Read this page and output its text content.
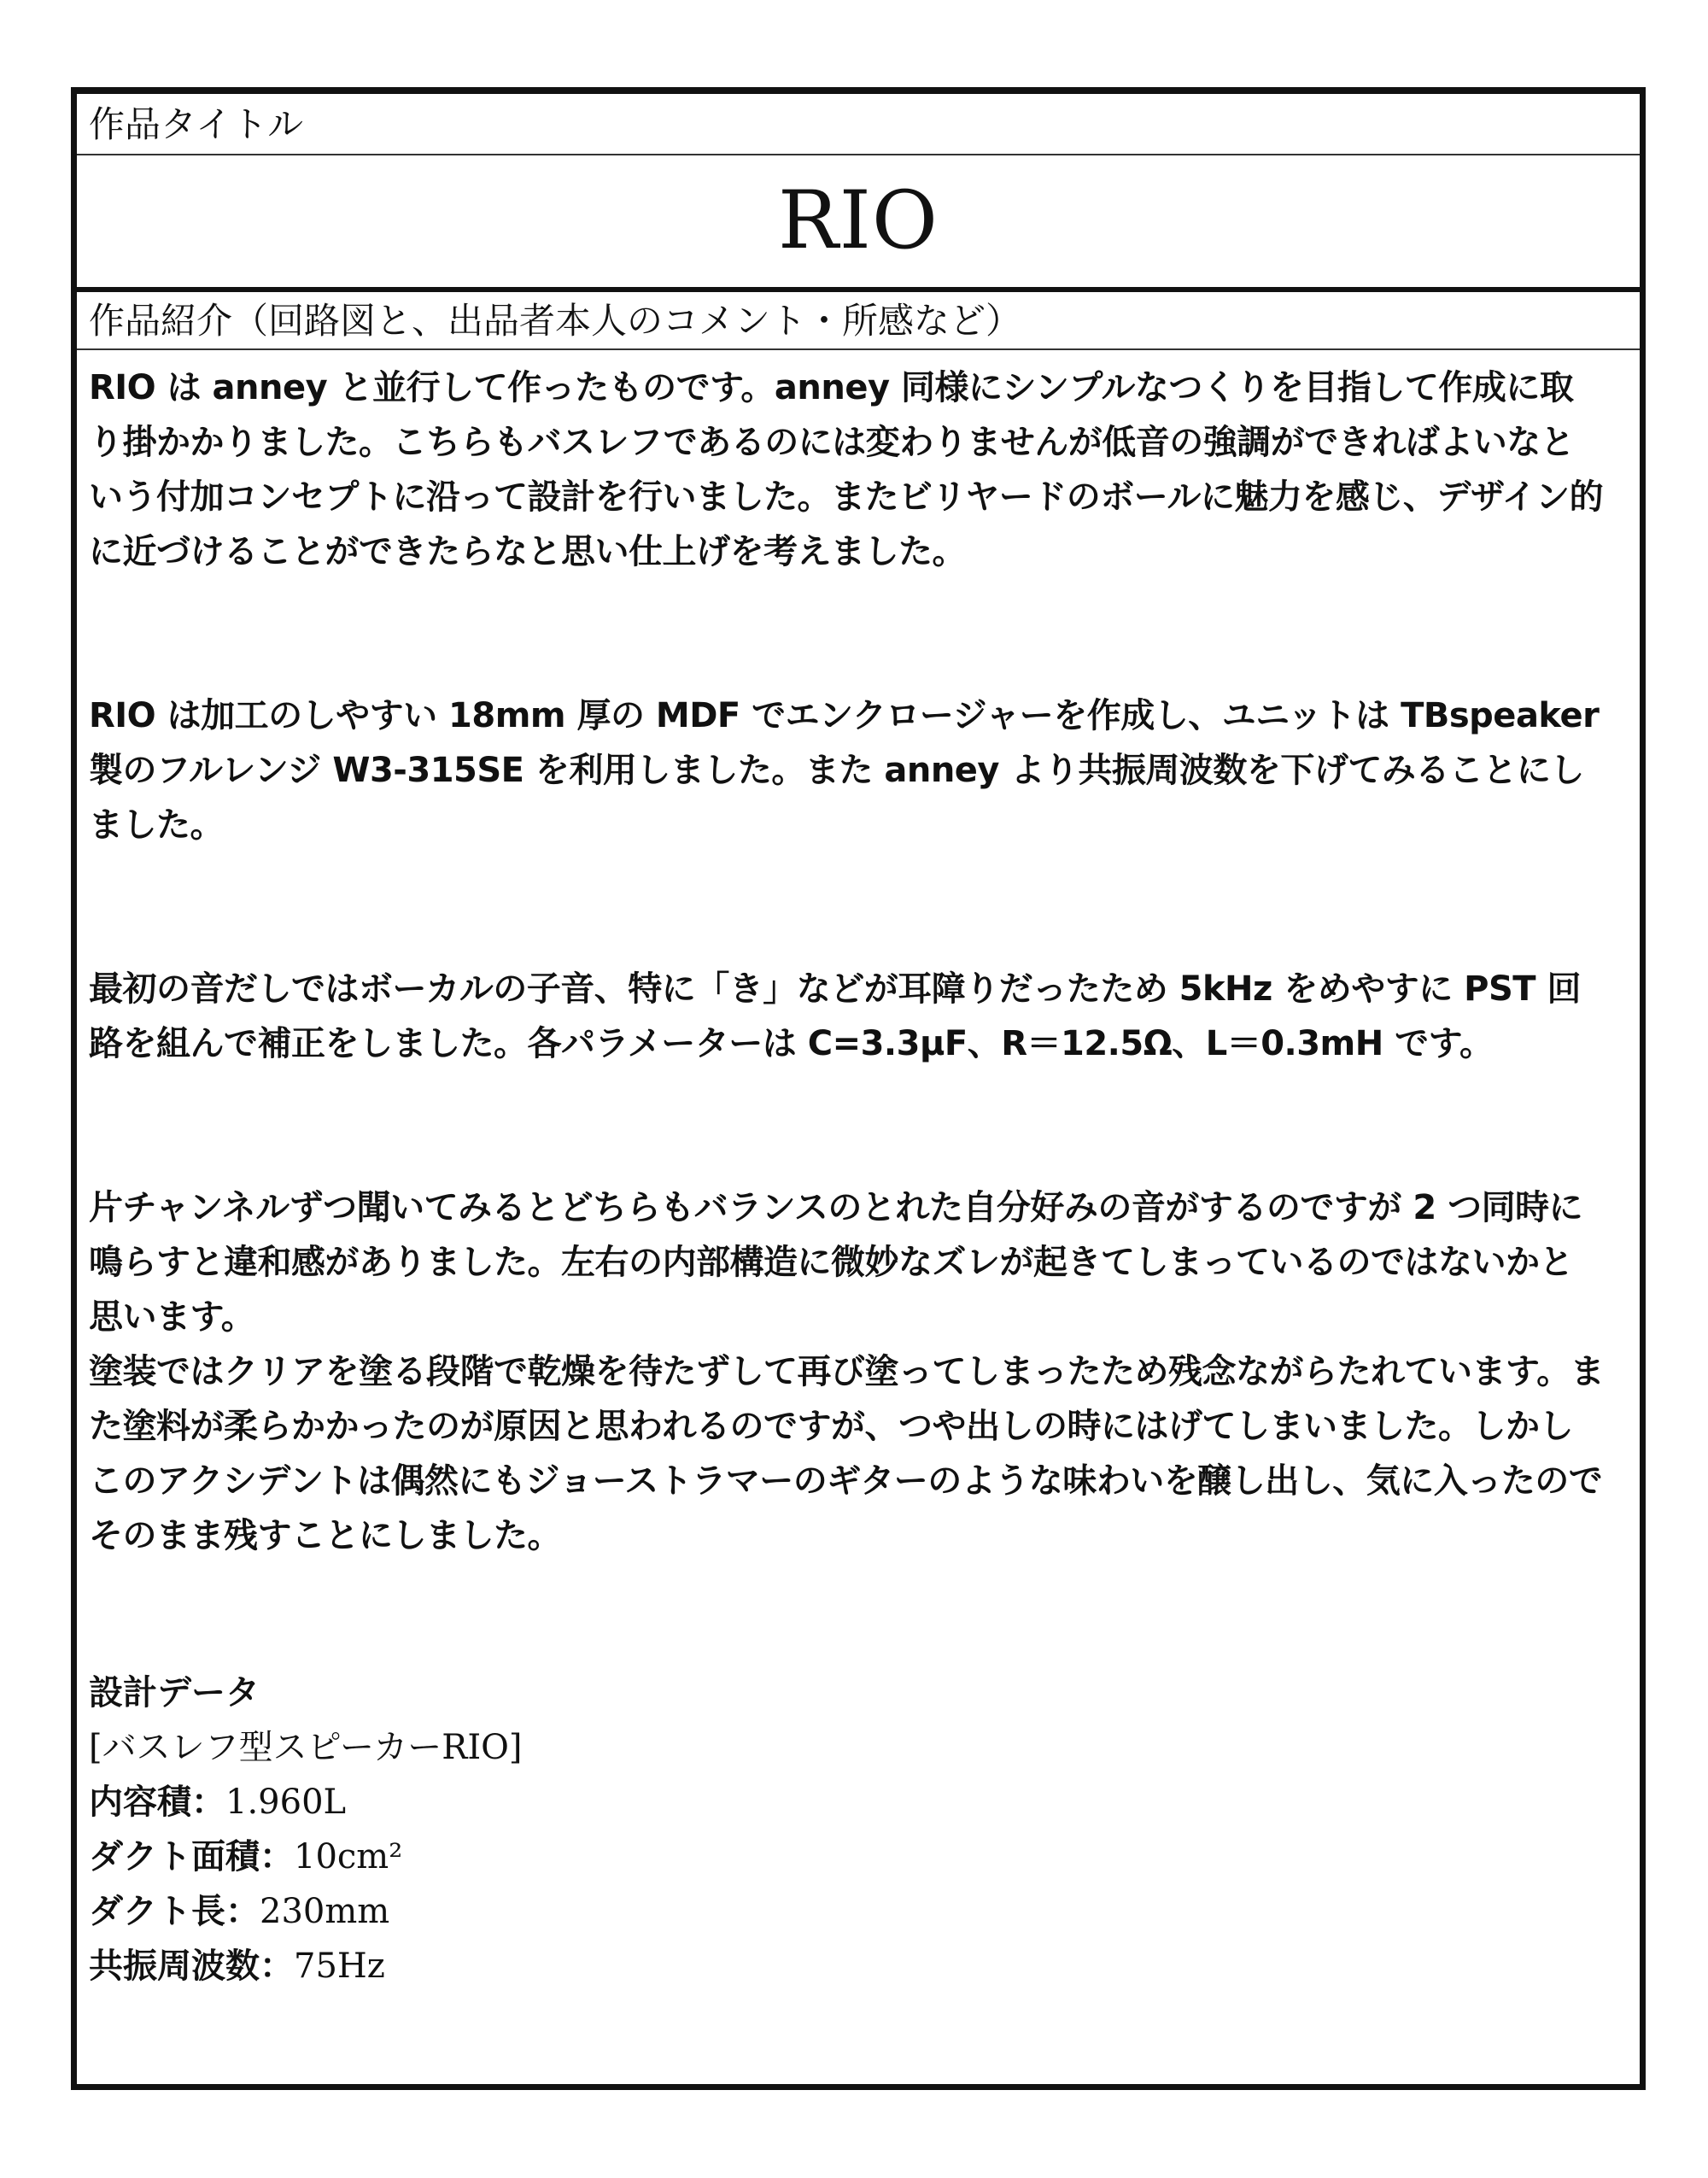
作品タイトル
RIO
作品紹介（回路図と、出品者本人のコメント・所感など）

RIO は anney と並行して作ったものです。anney 同様にシンプルなつくりを目指して作成に取り掛かかりました。こちらもバスレフであるのには変わりませんが低音の強調ができればよいなという付加コンセプトに沿って設計を行いました。またビリヤードのボールに魅力を感じ、デザイン的に近づけることができたらなと思い仕上げを考えました。

RIO は加工のしやすい 18mm 厚の MDF でエンクロージャーを作成し、ユニットは TBspeaker 製のフルレンジ W3-315SE を利用しました。また anney より共振周波数を下げてみることにしました。

最初の音だしではボーカルの子音、特に「き」などが耳障りだったため 5kHz をめやすに PST 回路を組んで補正をしました。各パラメーターは C=3.3μF、R＝12.5Ω、L＝0.3mH です。

片チャンネルずつ聞いてみるとどちらもバランスのとれた自分好みの音がするのですが 2 つ同時に鳴らすと違和感がありました。左右の内部構造に微妙なズレが起きてしまっているのではないかと思います。

塗装ではクリアを塗る段階で乾燥を待たずして再び塗ってしまったため残念ながらたれています。また塗料が柔らかかったのが原因と思われるのですが、つや出しの時にはげてしまいました。しかしこのアクシデントは偶然にもジョーストラマーのギターのような味わいを醸し出し、気に入ったのでそのまま残すことにしました。

設計データ

[バスレフ型スピーカーRIO]

内容積：1.960L

ダクト面積：10cm²

ダクト長：230mm

共振周波数：75Hz
